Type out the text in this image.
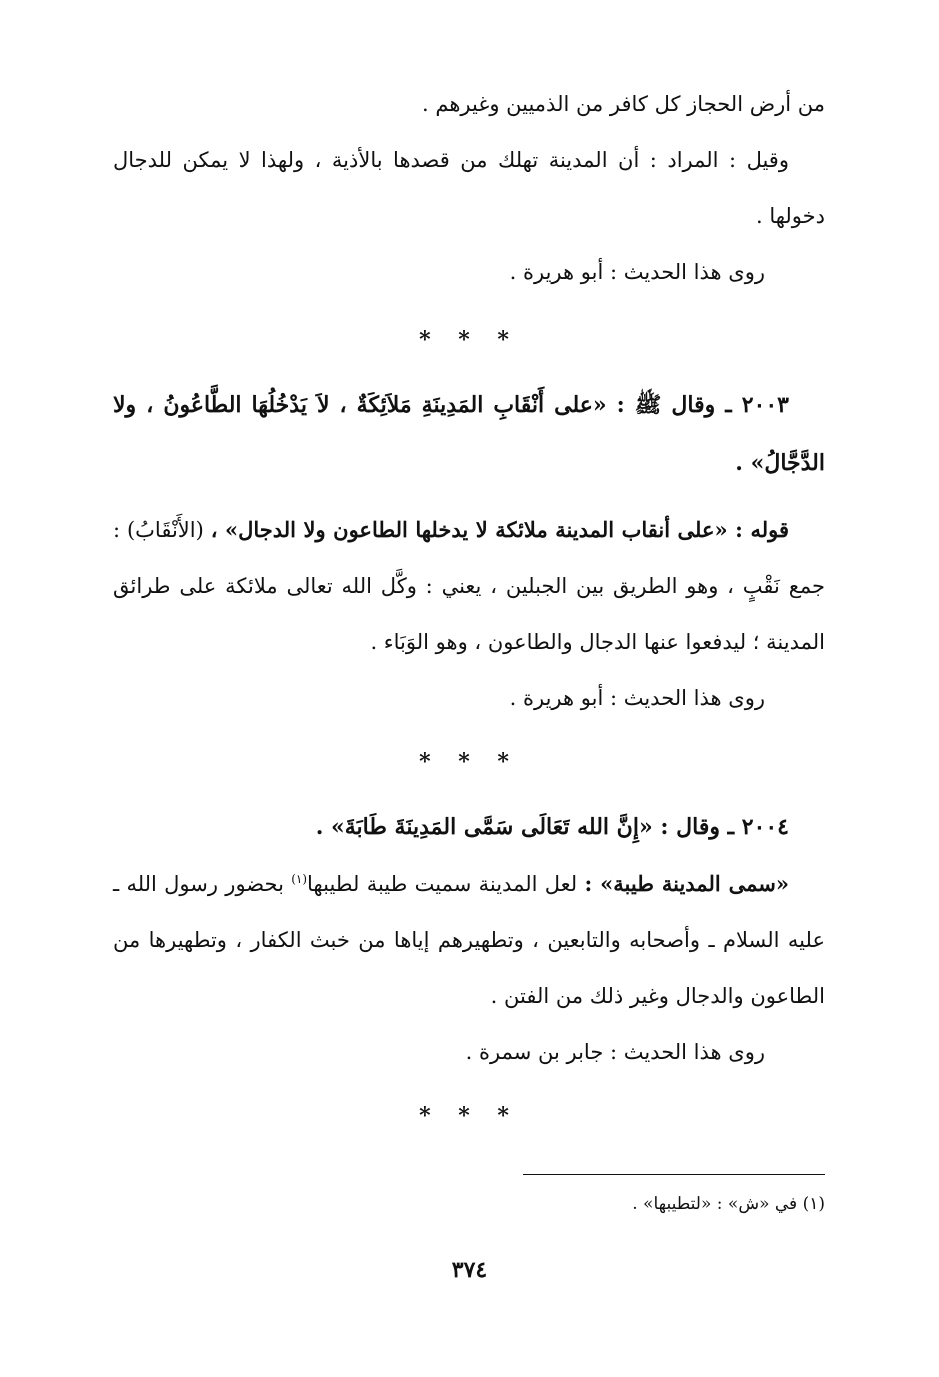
من أرض الحجاز كل كافر من الذميين وغيرهم .

وقيل : المراد : أن المدينة تهلك من قصدها بالأذية ، ولهذا لا يمكن للدجال دخولها .

روى هذا الحديث : أبو هريرة .

* * *

٢٠٠٣ ـ وقال ﷺ : «على أَنْقَابِ المَدِينَةِ مَلاَئِكَةٌ ، لاَ يَدْخُلُهَا الطَّاعُونُ ، ولا الدَّجَّالُ» .

قوله : «على أنقاب المدينة ملائكة لا يدخلها الطاعون ولا الدجال» ، (الأَنْقَابُ) : جمع نَقْبٍ ، وهو الطريق بين الجبلين ، يعني : وكَّل الله تعالى ملائكة على طرائق المدينة ؛ ليدفعوا عنها الدجال والطاعون ، وهو الوَبَاء .

روى هذا الحديث : أبو هريرة .

* * *

٢٠٠٤ ـ وقال : «إِنَّ الله تَعَالَى سَمَّى المَدِينَةَ طَابَةَ» .

«سمى المدينة طيبة» : لعل المدينة سميت طيبة لطيبها$^{(١)}$ بحضور رسول الله ـ عليه السلام ـ وأصحابه والتابعين ، وتطهيرهم إياها من خبث الكفار ، وتطهيرها من الطاعون والدجال وغير ذلك من الفتن .

روى هذا الحديث : جابر بن سمرة .

* * *
(١) في «ش» : «لتطيبها» .
٣٧٤
